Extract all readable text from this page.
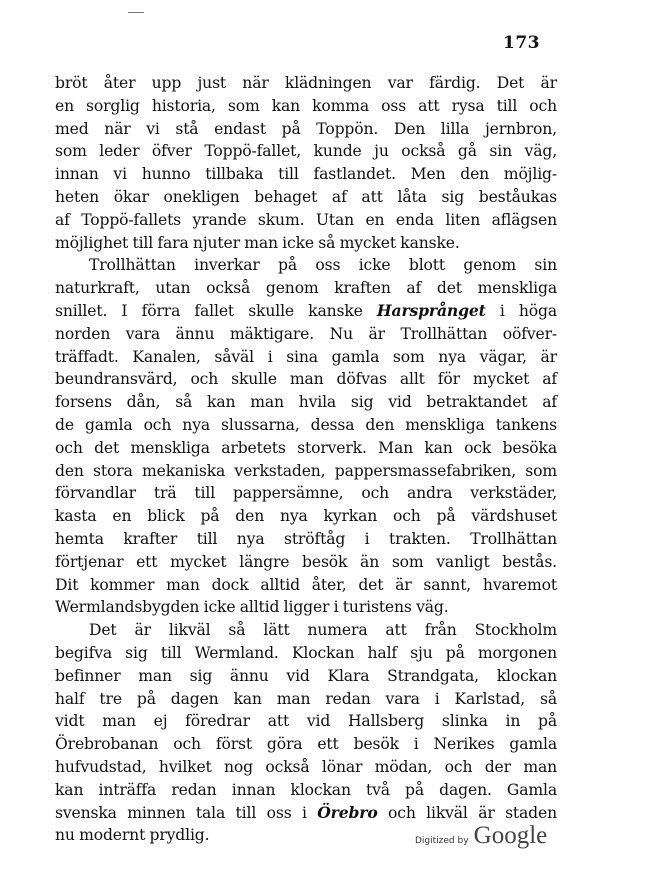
173
bröt åter upp just när klädningen var färdig. Det är
en sorglig historia, som kan komma oss att rysa till och
med när vi stå endast på Toppön. Den lilla jernbron,
som leder öfver Toppö-fallet, kunde ju också gå sin väg,
innan vi hunno tillbaka till fastlandet. Men den möjlig-
heten ökar onekligen behaget af att låta sig beståukas
af Toppö-fallets yrande skum. Utan en enda liten aflägsen
möjlighet till fara njuter man icke så mycket kanske.
Trollhättan inverkar på oss icke blott genom sin
naturkraft, utan också genom kraften af det menskliga
snillet. I förra fallet skulle kanske Harsprånget i höga
norden vara ännu mäktigare. Nu är Trollhättan oöfver-
träffadt. Kanalen, såväl i sina gamla som nya vägar, är
beundransvärd, och skulle man döfvas allt för mycket af
forsens dån, så kan man hvila sig vid betraktandet af
de gamla och nya slussarna, dessa den menskliga tankens
och det menskliga arbetets storverk. Man kan ock besöka
den stora mekaniska verkstaden, pappersmassefabriken, som
förvandlar trä till pappersämne, och andra verkstäder,
kasta en blick på den nya kyrkan och på värdshuset
hemta krafter till nya ströftåg i trakten. Trollhättan
förtjenar ett mycket längre besök än som vanligt bestås.
Dit kommer man dock alltid åter, det är sannt, hvaremot
Wermlandsbygden icke alltid ligger i turistens väg.
Det är likväl så lätt numera att från Stockholm
begifva sig till Wermland. Klockan half sju på morgonen
befinner man sig ännu vid Klara Strandgata, klockan
half tre på dagen kan man redan vara i Karlstad, så
vidt man ej föredrar att vid Hallsberg slinka in på
Örebrobanan och först göra ett besök i Nerikes gamla
hufvudstad, hvilket nog också lönar mödan, och der man
kan inträffa redan innan klockan två på dagen. Gamla
svenska minnen tala till oss i Örebro och likväl är staden
nu modernt prydlig.	Digitized by Google
